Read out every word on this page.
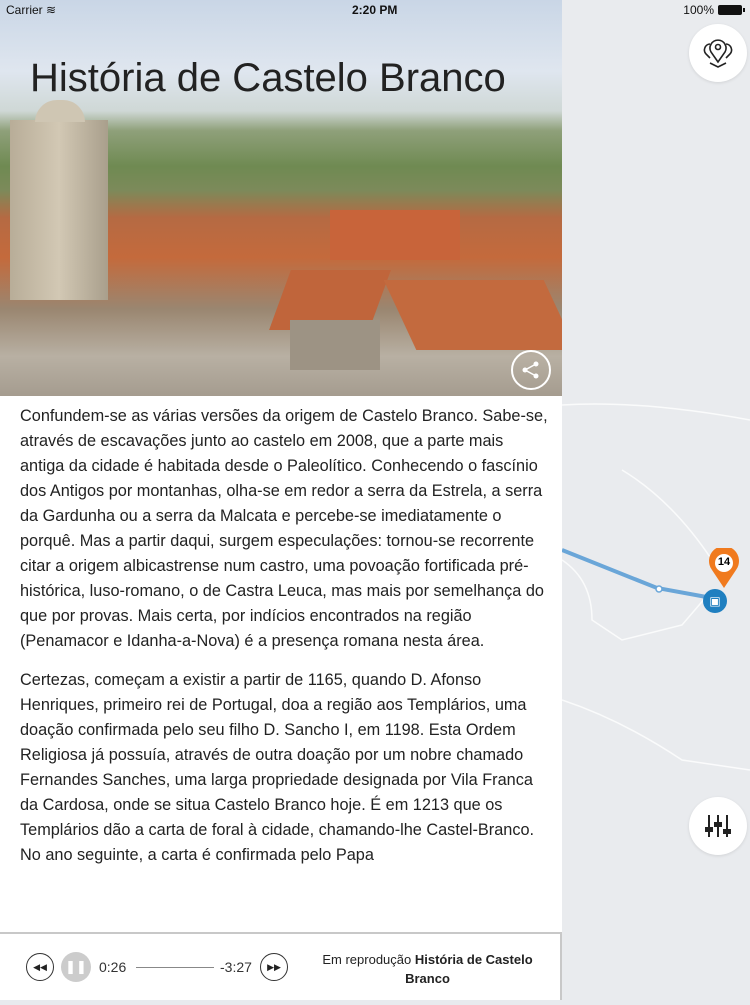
14
▣
História de Castelo Branco

Confundem-se as várias versões da origem de Castelo Branco. Sabe-se, através de escavações junto ao castelo em 2008, que a parte mais antiga da cidade é habitada desde o Paleolítico. Conhecendo o fascínio dos Antigos por montanhas, olha-se em redor a serra da Estrela, a serra da Gardunha ou a serra da Malcata e percebe-se imediatamente o porquê. Mas a partir daqui, surgem especulações: tornou-se recorrente citar a origem albicastrense num castro, uma povoação fortificada pré-histórica, luso-romano, o de Castra Leuca, mas mais por semelhança do que por provas. Mais certa, por indícios encontrados na região (Penamacor e Idanha-a-Nova) é a presença romana nesta área.

Certezas, começam a existir a partir de 1165, quando D. Afonso Henriques, primeiro rei de Portugal, doa a região aos Templários, uma doação confirmada pelo seu filho D. Sancho I, em 1198. Esta Ordem Religiosa já possuía, através de outra doação por um nobre chamado Fernandes Sanches, uma larga propriedade designada por Vila Franca da Cardosa, onde se situa Castelo Branco hoje. É em 1213 que os Templários dão a carta de foral à cidade, chamando-lhe Castel-Branco. No ano seguinte, a carta é confirmada pelo Papa

◀◀ ❚❚ 0:26	-3:27 ▶▶	Em reprodução História de Castelo Branco
Carrier ≋	2:20 PM	100%
